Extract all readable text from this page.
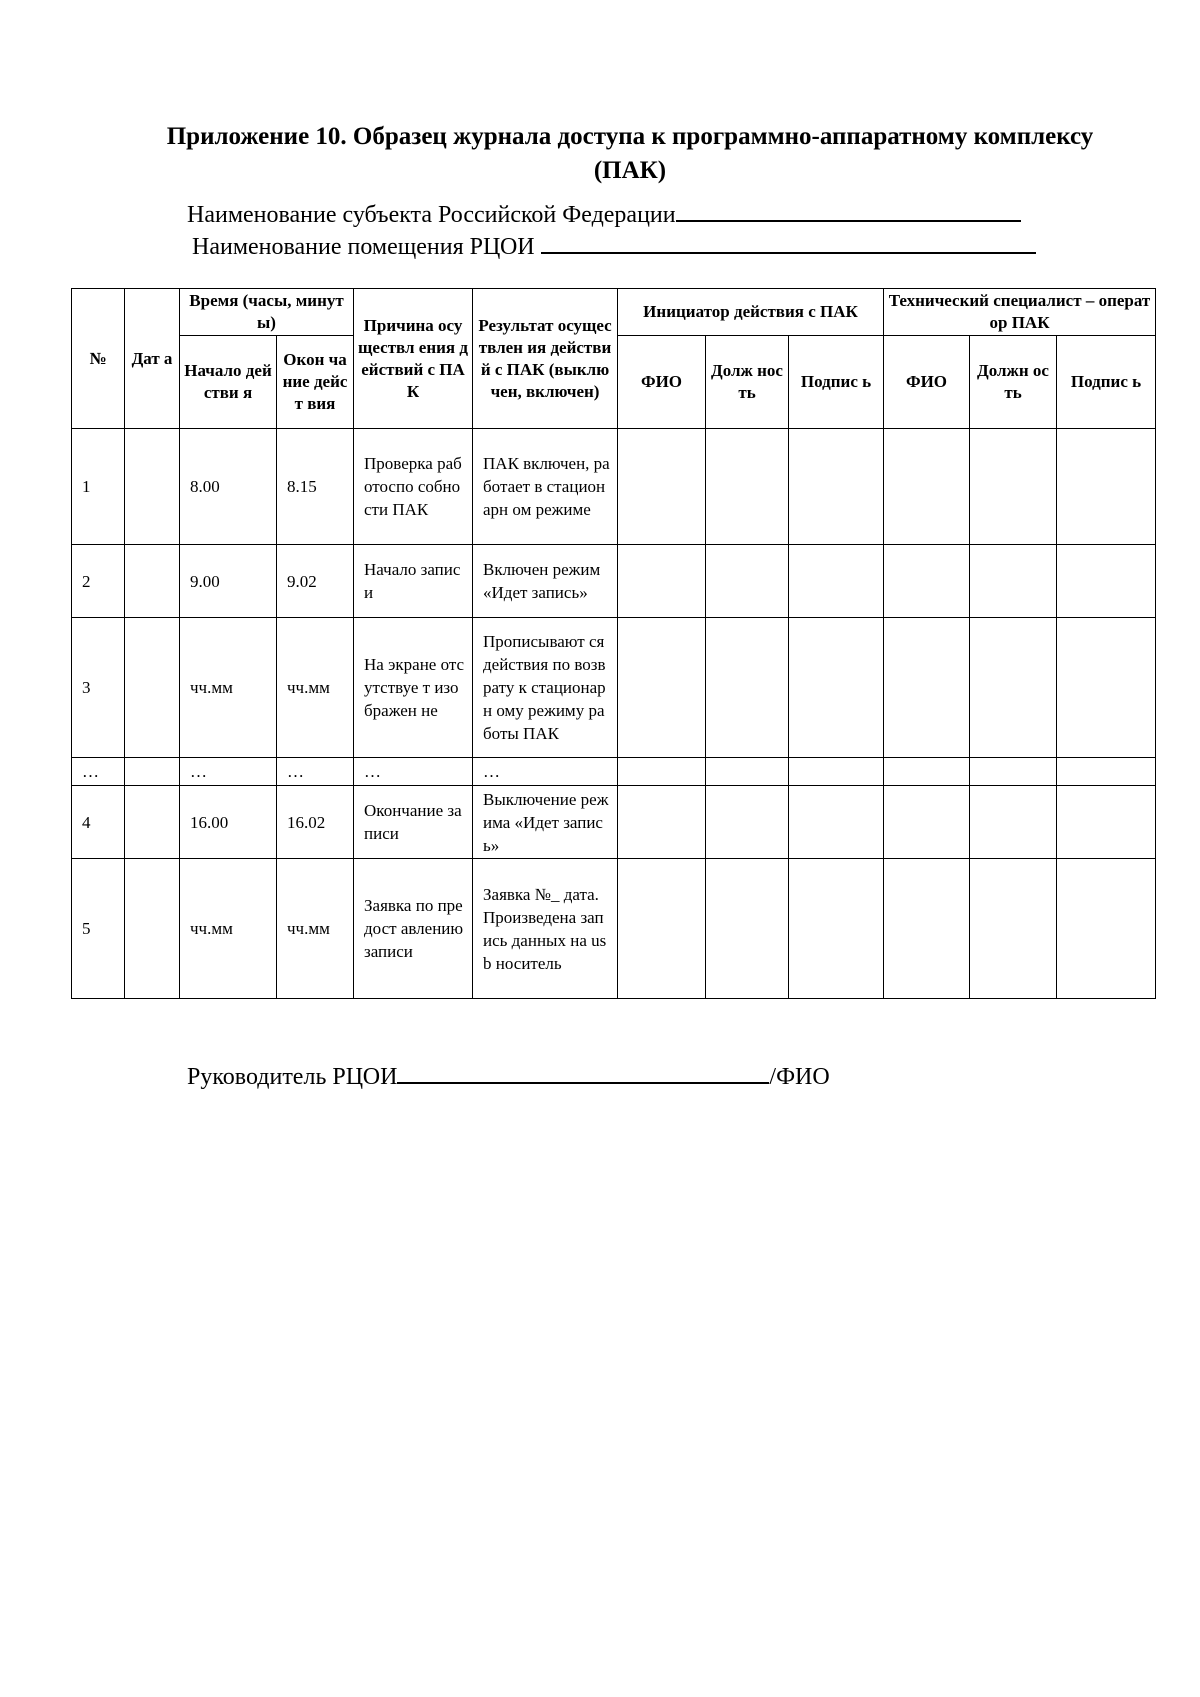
Приложение 10. Образец журнала доступа к программно-аппаратному комплексу (ПАК)
Наименование субъекта Российской Федерации
Наименование помещения РЦОИ
№	Дат а	Время (часы, минуты)		Причина осуществл ения действий с ПАК	Результат осуществлен ия действий с ПАК (выключен, включен)	Инициатор действия с ПАК			Технический специалист – оператор ПАК		
		Начало действи я	Окон чание дейст вия			ФИО	Долж ность	Подпис ь	ФИО	Должн ость	Подпис ь
1		8.00	8.15	Проверка работоспо собности ПАК	ПАК включен, работает в стационарн ом режиме						
2		9.00	9.02	Начало записи	Включен режим «Идет запись»						
3		чч.мм	чч.мм	На экране отсутствуе т изображен не	Прописывают ся действия по возврату к стационарн ому режиму работы ПАК						
…		…	…	…	…						
4		16.00	16.02	Окончание записи	Выключение режима «Идет запись»						
5		чч.мм	чч.мм	Заявка по предост авлению записи	Заявка №_ дата. Произведена запись данных на usb носитель						
Руководитель РЦОИ	/ФИО
